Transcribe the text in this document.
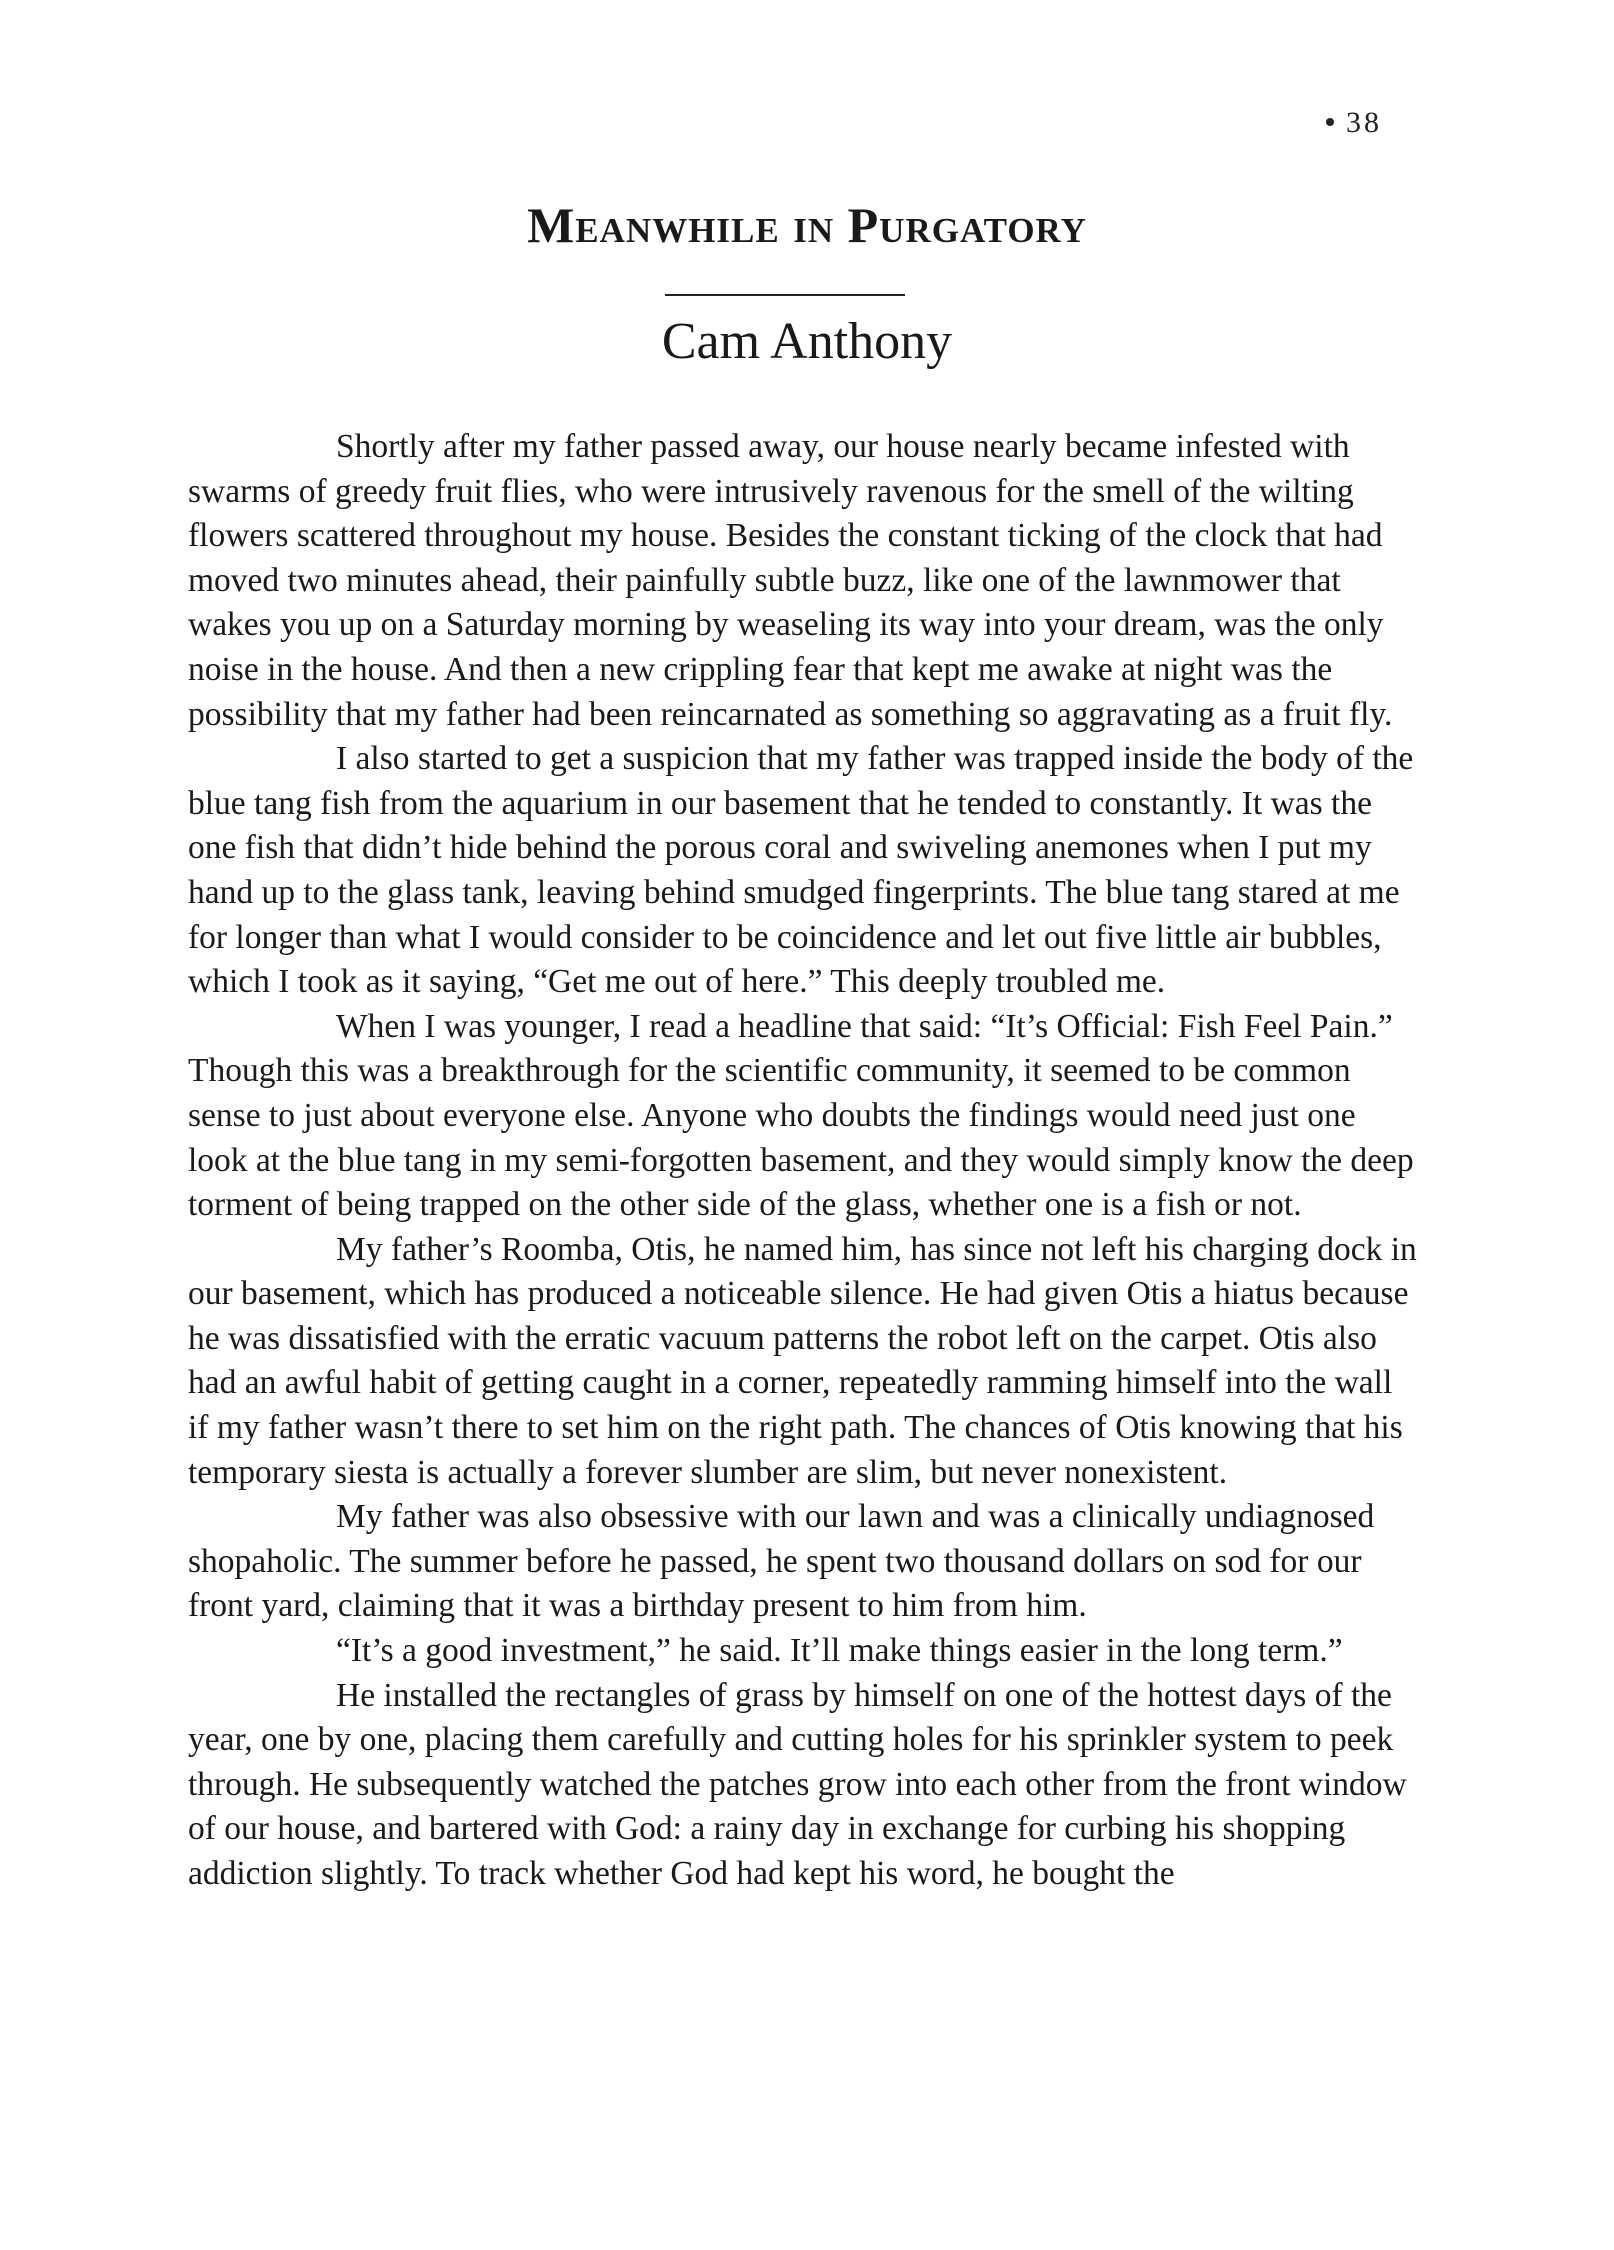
38
Meanwhile in Purgatory
Cam Anthony

Shortly after my father passed away, our house nearly became infested with swarms of greedy fruit flies, who were intrusively ravenous for the smell of the wilting flowers scattered throughout my house. Besides the constant ticking of the clock that had moved two minutes ahead, their painfully subtle buzz, like one of the lawnmower that wakes you up on a Saturday morning by weaseling its way into your dream, was the only noise in the house. And then a new crippling fear that kept me awake at night was the possibility that my father had been reincarnated as something so aggravating as a fruit fly.

I also started to get a suspicion that my father was trapped inside the body of the blue tang fish from the aquarium in our basement that he tended to constantly. It was the one fish that didn’t hide behind the porous coral and swiveling anemones when I put my hand up to the glass tank, leaving behind smudged fingerprints. The blue tang stared at me for longer than what I would consider to be coincidence and let out five little air bubbles, which I took as it saying, “Get me out of here.” This deeply troubled me.

When I was younger, I read a headline that said: “It’s Official: Fish Feel Pain.” Though this was a breakthrough for the scientific community, it seemed to be common sense to just about everyone else. Anyone who doubts the findings would need just one look at the blue tang in my semi-forgotten basement, and they would simply know the deep torment of being trapped on the other side of the glass, whether one is a fish or not.

My father’s Roomba, Otis, he named him, has since not left his charging dock in our basement, which has produced a noticeable silence. He had given Otis a hiatus because he was dissatisfied with the erratic vacuum patterns the robot left on the carpet. Otis also had an awful habit of getting caught in a corner, repeatedly ramming himself into the wall if my father wasn’t there to set him on the right path. The chances of Otis knowing that his temporary siesta is actually a forever slumber are slim, but never nonexistent.

My father was also obsessive with our lawn and was a clinically undiagnosed shopaholic. The summer before he passed, he spent two thousand dollars on sod for our front yard, claiming that it was a birthday present to him from him.

“It’s a good investment,” he said. It’ll make things easier in the long term.”

He installed the rectangles of grass by himself on one of the hottest days of the year, one by one, placing them carefully and cutting holes for his sprinkler system to peek through. He subsequently watched the patches grow into each other from the front window of our house, and bartered with God: a rainy day in exchange for curbing his shopping addiction slightly. To track whether God had kept his word, he bought the
